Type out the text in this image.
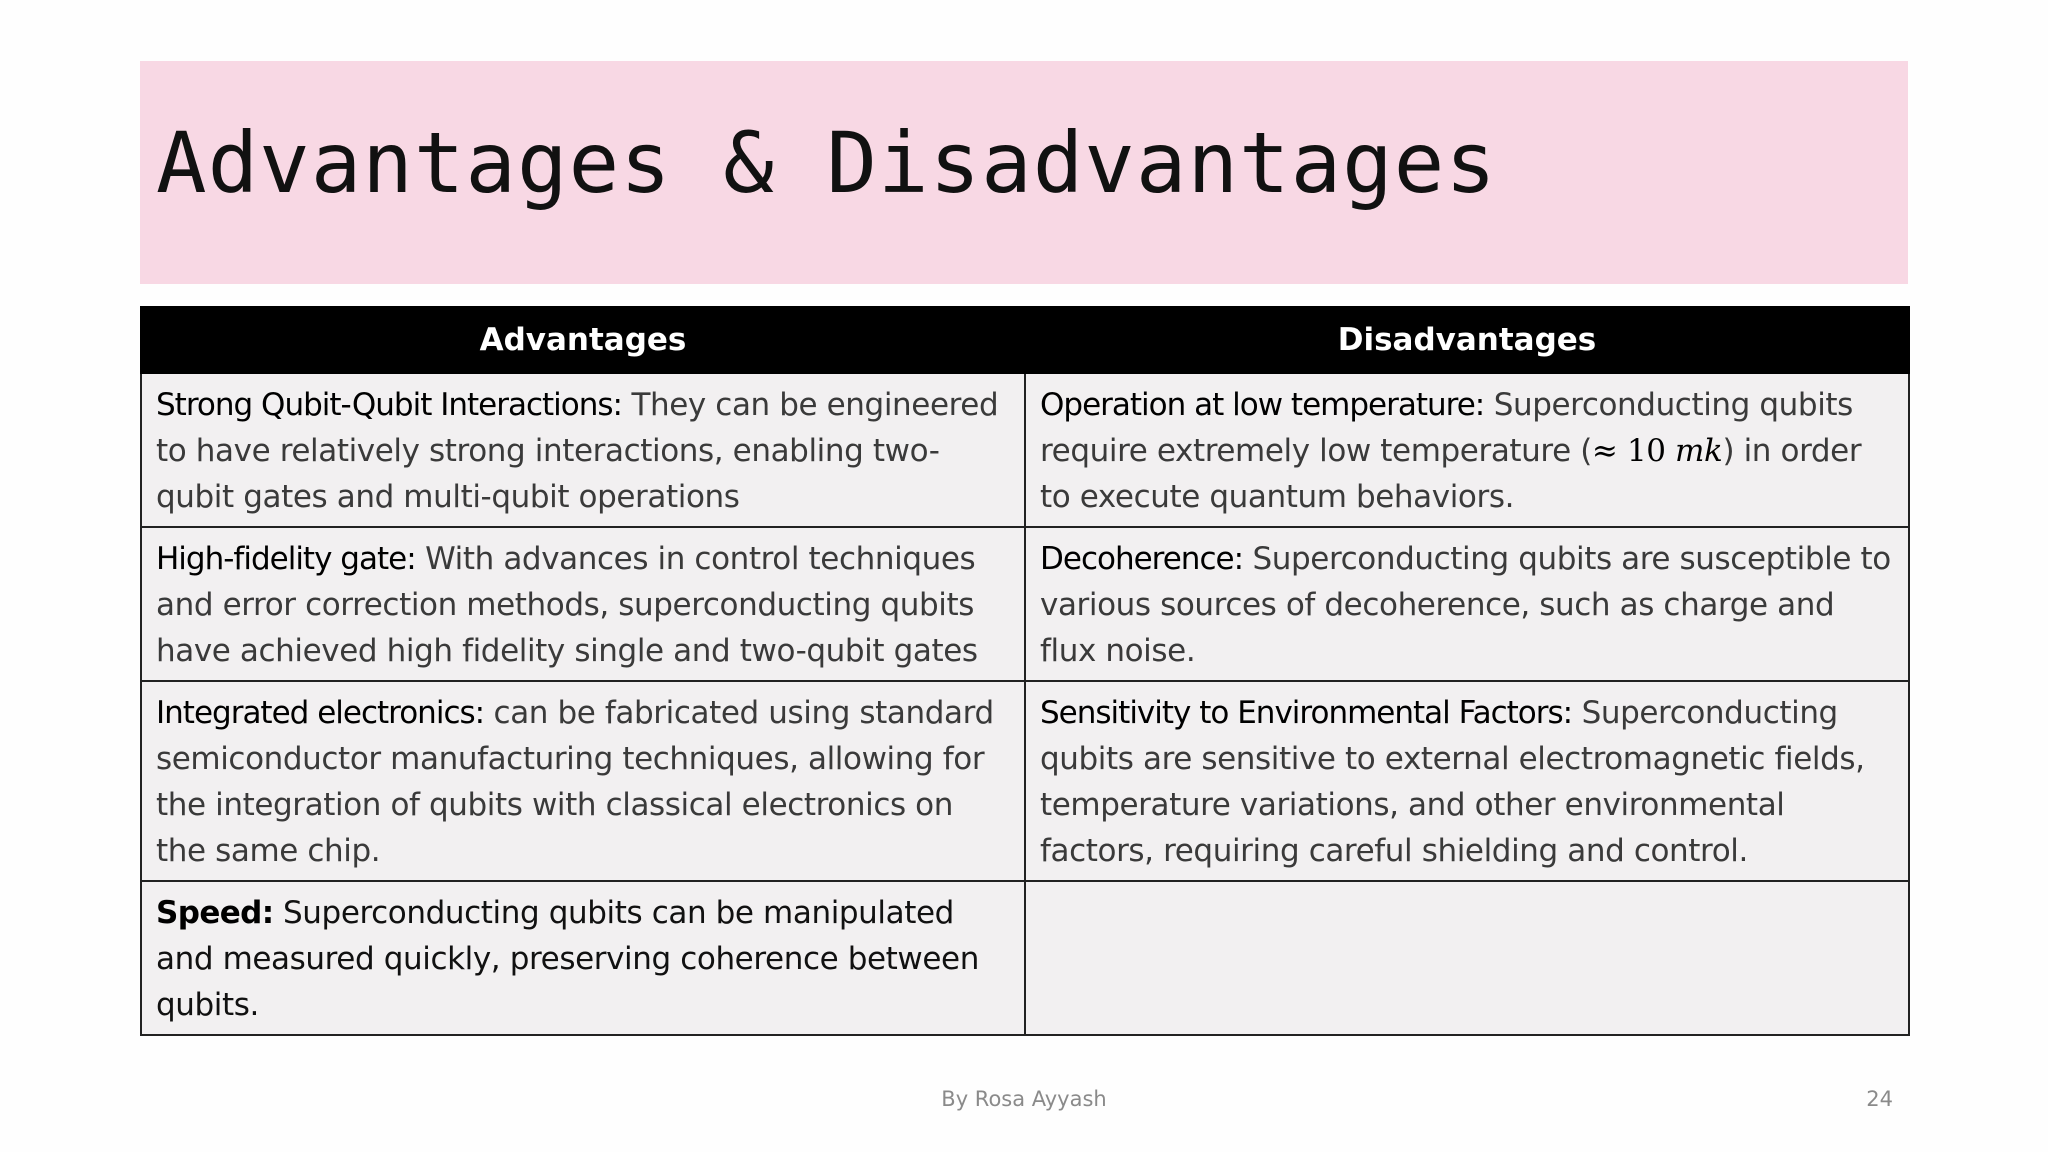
Advantages & Disadvantages
Advantages	Disadvantages
Strong Qubit-Qubit Interactions: They can be engineered to have relatively strong interactions, enabling two-qubit gates and multi-qubit operations	Operation at low temperature: Superconducting qubits require extremely low temperature (≈ 10 mk) in order to execute quantum behaviors.
High-fidelity gate: With advances in control techniques and error correction methods, superconducting qubits have achieved high fidelity single and two-qubit gates	Decoherence: Superconducting qubits are susceptible to various sources of decoherence, such as charge and flux noise.
Integrated electronics: can be fabricated using standard semiconductor manufacturing techniques, allowing for the integration of qubits with classical electronics on the same chip.	Sensitivity to Environmental Factors: Superconducting qubits are sensitive to external electromagnetic fields, temperature variations, and other environmental factors, requiring careful shielding and control.
Speed: Superconducting qubits can be manipulated and measured quickly, preserving coherence between qubits.	
By Rosa Ayyash	24
